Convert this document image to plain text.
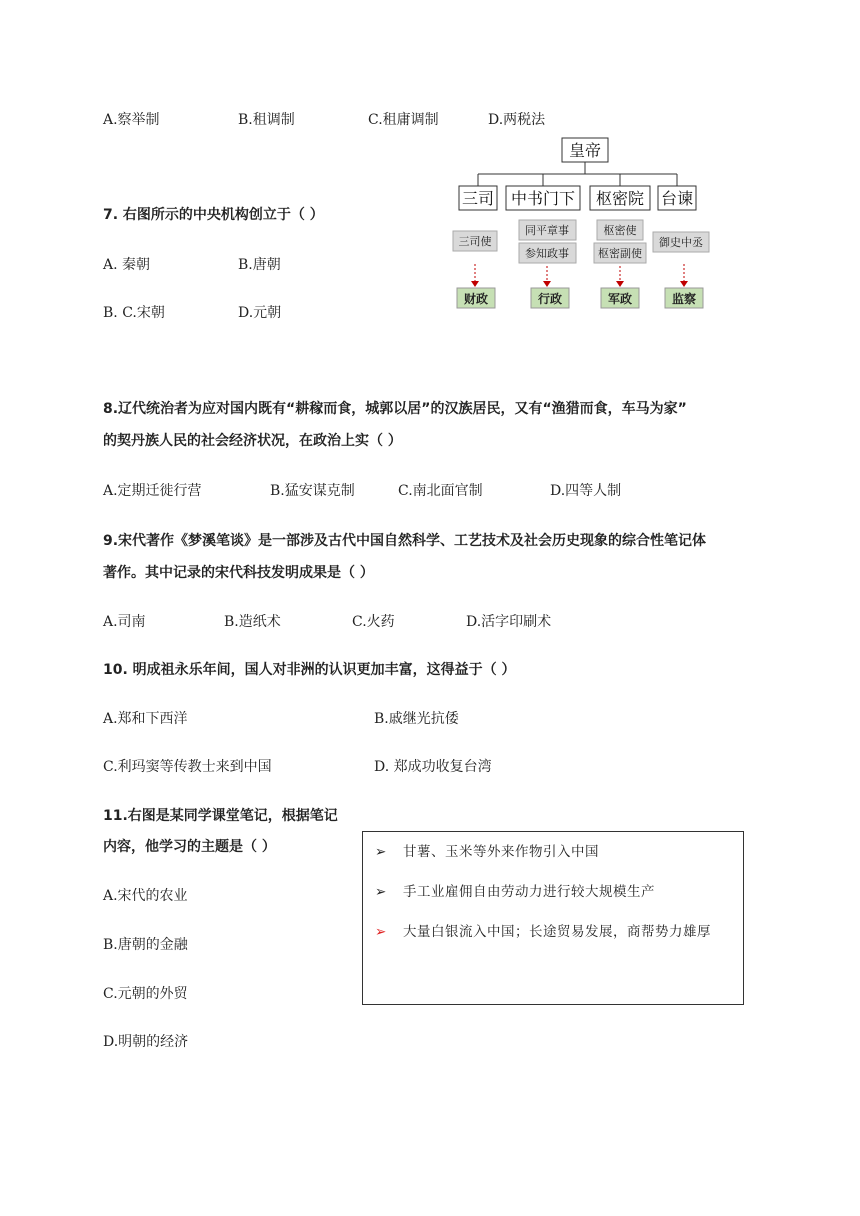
A.察举制	B.租调制	C.租庸调制	D.两税法
7. 右图所示的中央机构创立于（ ）
A. 秦朝	B.唐朝
B. C.宋朝	D.元朝
皇帝
三司 中书门下 枢密院 台谏
三司使
同平章事
参知政事
枢密使
枢密副使
御史中丞
财政	行政	军政	监察
8.辽代统治者为应对国内既有“耕稼而食，城郭以居”的汉族居民，又有“渔猎而食，车马为家”
的契丹族人民的社会经济状况，在政治上实（ ）
A.定期迁徙行营	B.猛安谋克制	C.南北面官制	D.四等人制
9.宋代著作《梦溪笔谈》是一部涉及古代中国自然科学、工艺技术及社会历史现象的综合性笔记体
著作。其中记录的宋代科技发明成果是（ ）
A.司南	B.造纸术	C.火药	D.活字印刷术
10. 明成祖永乐年间，国人对非洲的认识更加丰富，这得益于（ ）
A.郑和下西洋	B.戚继光抗倭
C.利玛窦等传教士来到中国	D. 郑成功收复台湾
11.右图是某同学课堂笔记，根据笔记
内容，他学习的主题是（ ）
A.宋代的农业
B.唐朝的金融
C.元朝的外贸
D.明朝的经济
➢ 甘薯、玉米等外来作物引入中国
➢ 手工业雇佣自由劳动力进行较大规模生产
➢ 大量白银流入中国；长途贸易发展，商帮势力雄厚
